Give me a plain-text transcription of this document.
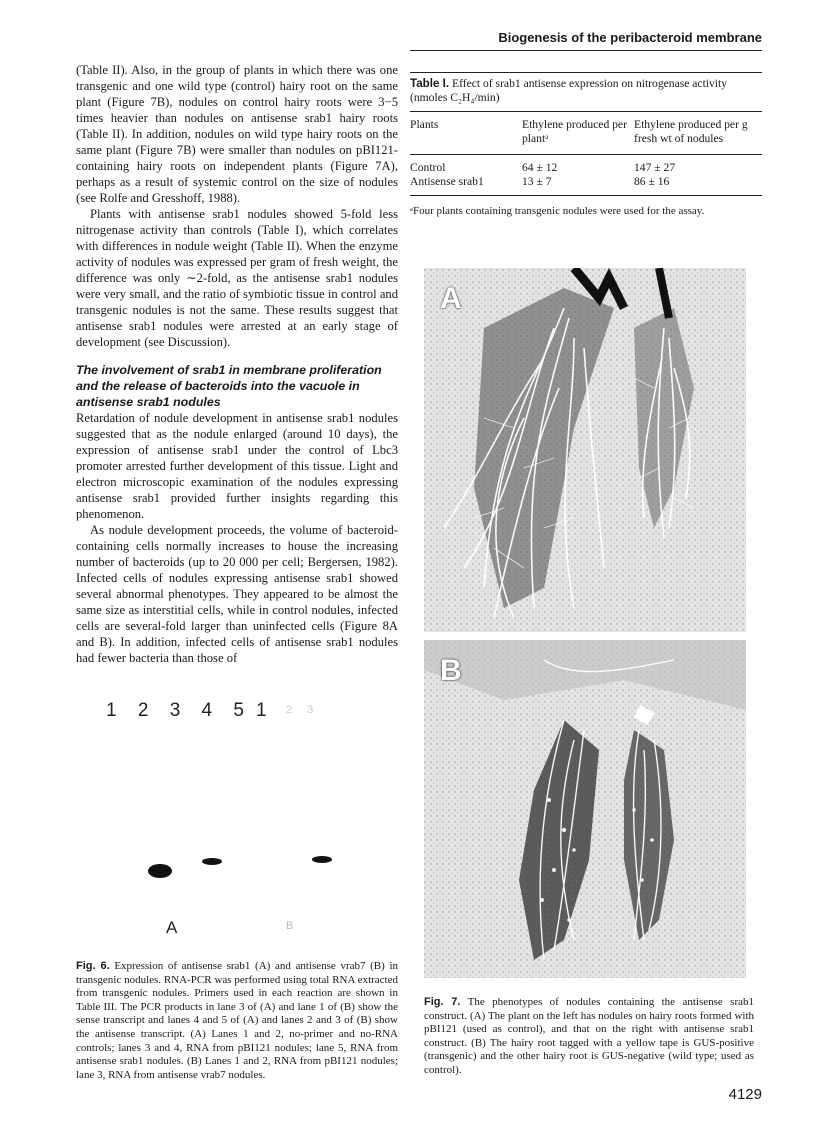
Biogenesis of the peribacteroid membrane

(Table II). Also, in the group of plants in which there was one transgenic and one wild type (control) hairy root on the same plant (Figure 7B), nodules on control hairy roots were 3−5 times heavier than nodules on antisense srab1 hairy roots (Table II). In addition, nodules on wild type hairy roots on the same plant (Figure 7B) were smaller than nodules on pBI121-containing hairy roots on independent plants (Figure 7A), perhaps as a result of systemic control on the size of nodules (see Rolfe and Gresshoff, 1988).

Plants with antisense srab1 nodules showed 5-fold less nitrogenase activity than controls (Table I), which correlates with differences in nodule weight (Table II). When the enzyme activity of nodules was expressed per gram of fresh weight, the difference was only ∼2-fold, as the antisense srab1 nodules were very small, and the ratio of symbiotic tissue in control and transgenic nodules is not the same. These results suggest that antisense srab1 nodules were arrested at an early stage of development (see Discussion).

The involvement of srab1 in membrane proliferation and the release of bacteroids into the vacuole in antisense srab1 nodules

Retardation of nodule development in antisense srab1 nodules suggested that as the nodule enlarged (around 10 days), the expression of antisense srab1 under the control of Lbc3 promoter arrested further development of this tissue. Light and electron microscopic examination of the nodules expressing antisense srab1 provided further insights regarding this phenomenon.

As nodule development proceeds, the volume of bacteroid-containing cells normally increases to house the increasing number of bacteroids (up to 20 000 per cell; Bergersen, 1982). Infected cells of nodules expressing antisense srab1 showed several abnormal phenotypes. They appeared to be almost the same size as interstitial cells, while in control nodules, infected cells are several-fold larger than uninfected cells (Figure 8A and B). In addition, infected cells of antisense srab1 nodules had fewer bacteria than those of

Table I. Effect of srab1 antisense expression on nitrogenase activity (nmoles C₂H₄/min)
Plants	Ethylene produced per plantᵃ	Ethylene produced per g fresh wt of nodules
Control	64 ± 12	147 ± 27
Antisense srab1	13 ± 7	86 ± 16
ᵃFour plants containing transgenic nodules were used for the assay.
1 2 3 4 5 1 2 3
A	B
Fig. 6. Expression of antisense srab1 (A) and antisense vrab7 (B) in transgenic nodules. RNA-PCR was performed using total RNA extracted from transgenic nodules. Primers used in each reaction are shown in Table III. The PCR products in lane 3 of (A) and lane 1 of (B) show the sense transcript and lanes 4 and 5 of (A) and lanes 2 and 3 of (B) show the antisense transcript. (A) Lanes 1 and 2, no-primer and no-RNA controls; lanes 3 and 4, RNA from pBI121 nodules; lane 5, RNA from antisense srab1 nodules. (B) Lanes 1 and 2, RNA from pBI121 nodules; lane 3, RNA from antisense vrab7 nodules.
A
B
Fig. 7. The phenotypes of nodules containing the antisense srab1 construct. (A) The plant on the left has nodules on hairy roots formed with pBI121 (used as control), and that on the right with antisense srab1 construct. (B) The hairy root tagged with a yellow tape is GUS-positive (transgenic) and the other hairy root is GUS-negative (wild type; used as control).
4129
